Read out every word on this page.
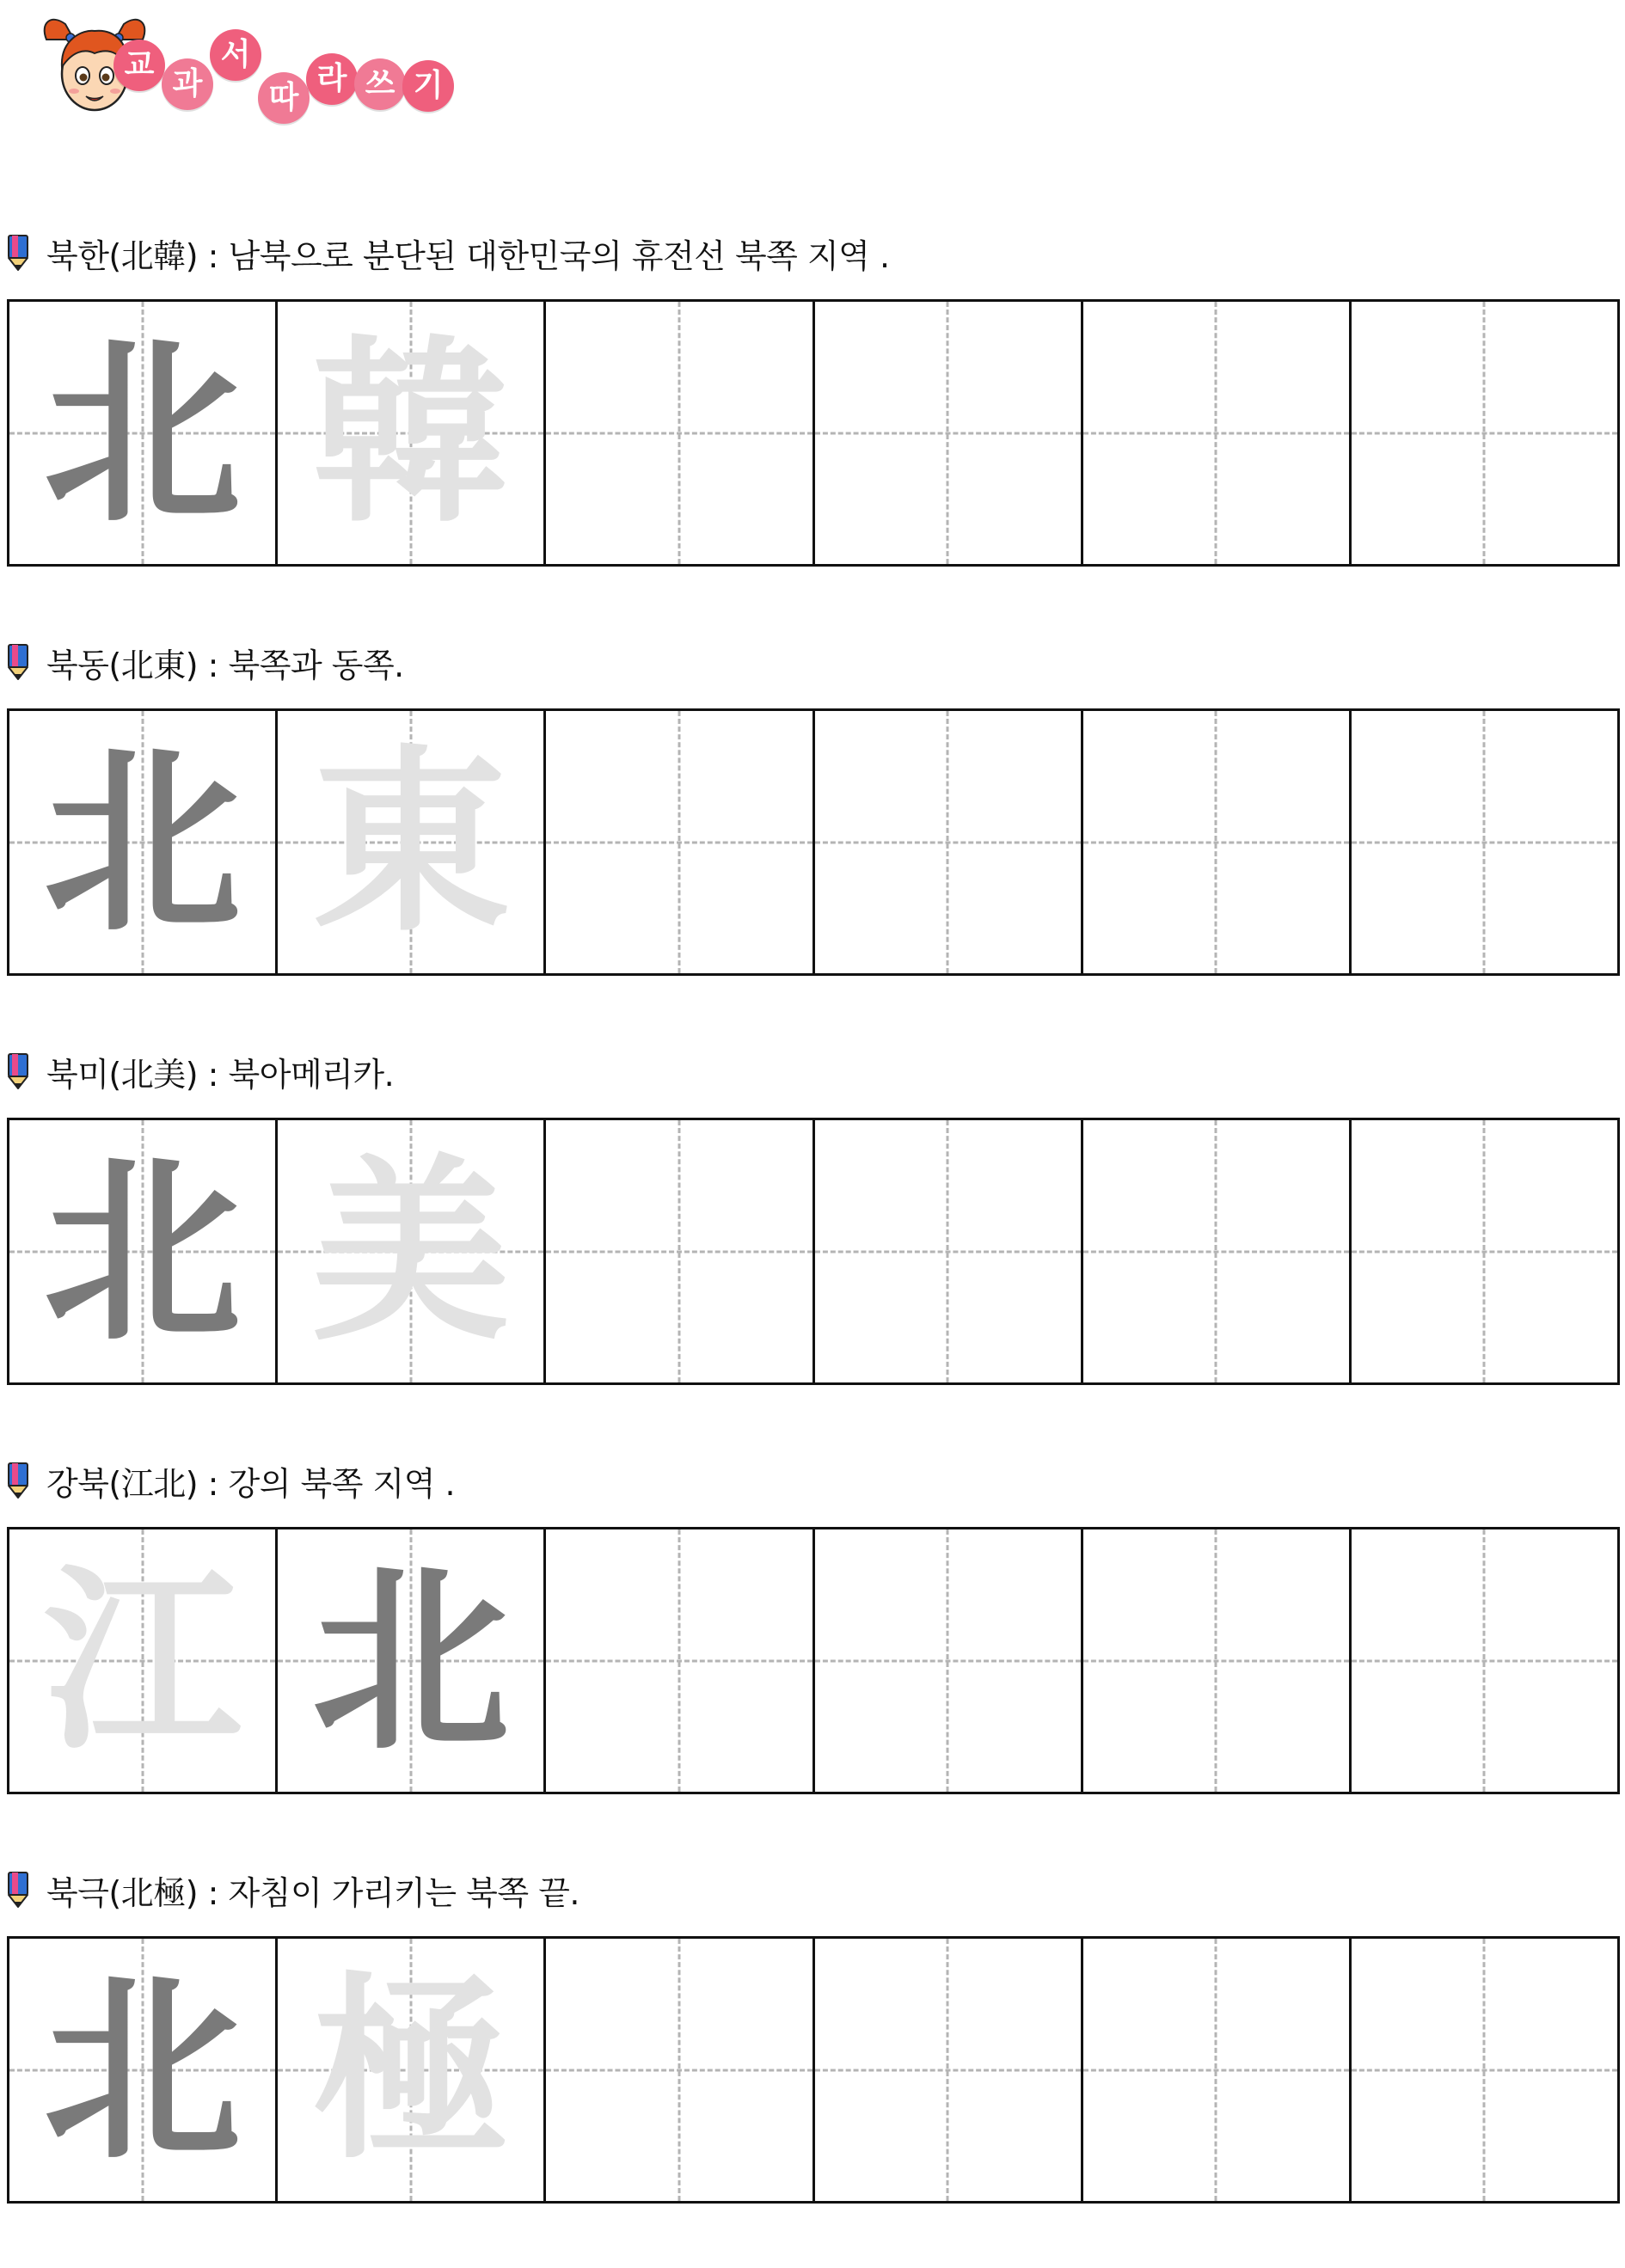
교
과
서
따
라 쓰 기
북한(北韓) : 남북으로 분단된 대한민국의 휴전선 북쪽 지역 .
北 韓
북동(北東) : 북쪽과 동쪽.
北 東
북미(北美) : 북아메리카.
北 美
강북(江北) : 강의 북쪽 지역 .
江 北
북극(北極) : 자침이 가리키는 북쪽 끝.
北 極
